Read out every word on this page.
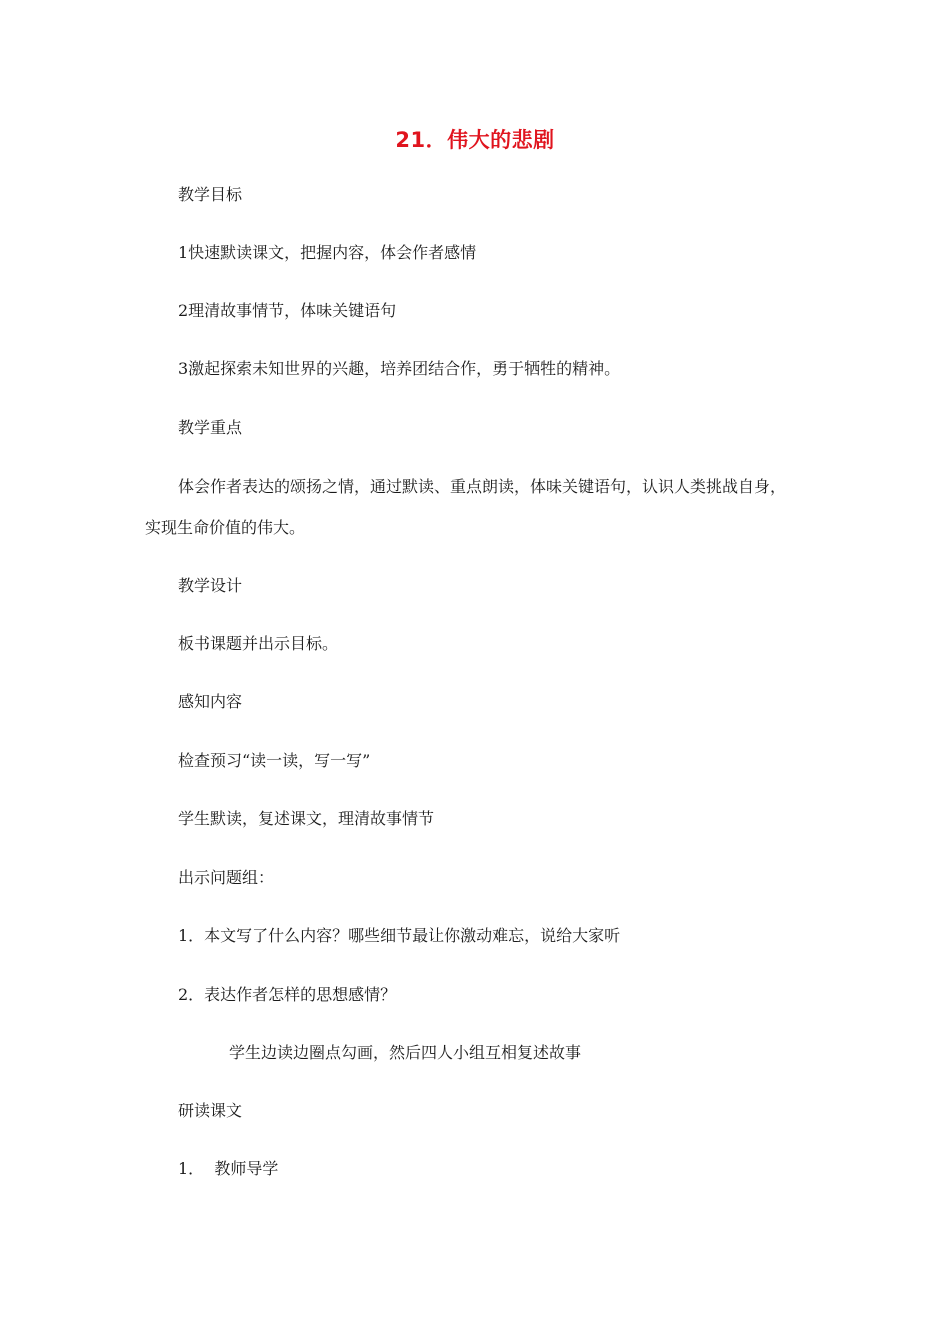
21．伟大的悲剧
教学目标
1快速默读课文，把握内容，体会作者感情
2理清故事情节，体味关键语句
3激起探索未知世界的兴趣，培养团结合作，勇于牺牲的精神。
教学重点
体会作者表达的颂扬之情，通过默读、重点朗读，体味关键语句，认识人类挑战自身，
实现生命价值的伟大。
教学设计
板书课题并出示目标。
感知内容
检查预习“读一读，写一写”
学生默读，复述课文，理清故事情节
出示问题组：
1．本文写了什么内容？哪些细节最让你激动难忘，说给大家听
2．表达作者怎样的思想感情？
学生边读边圈点勾画，然后四人小组互相复述故事
研读课文
1．  教师导学
